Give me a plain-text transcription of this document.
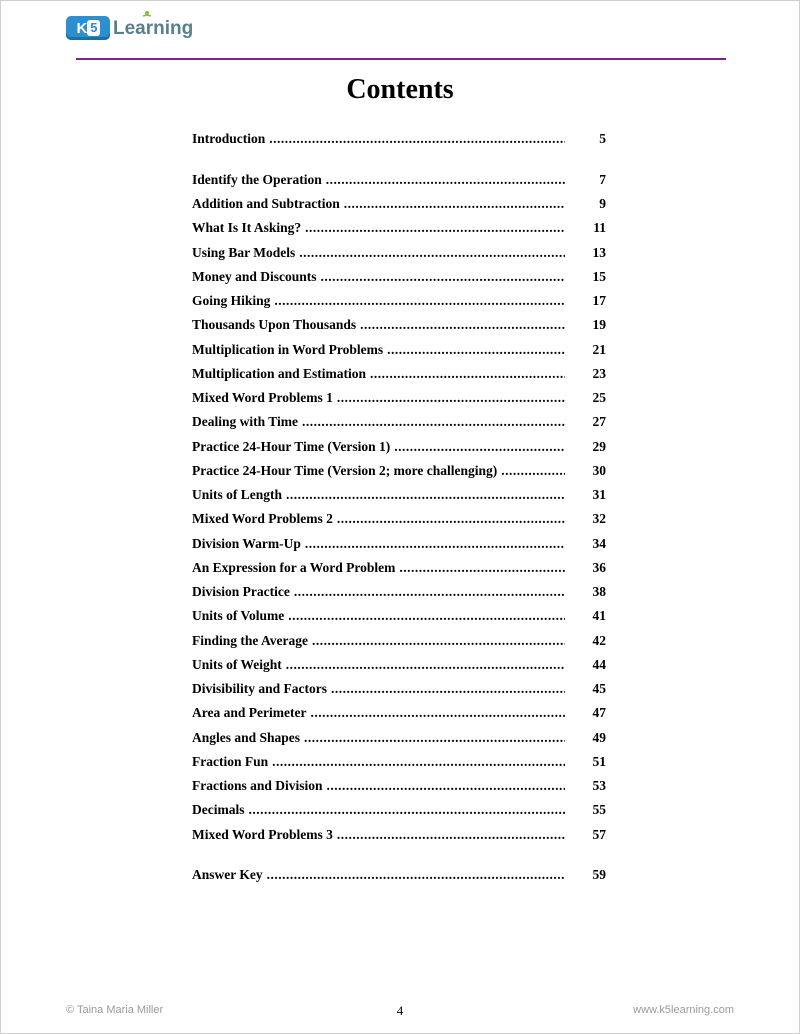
K 5 Learning
Contents
Introduction .....	5
Identify the Operation .....	7
Addition and Subtraction .....	9
What Is It Asking? .....	11
Using Bar Models .....	13
Money and Discounts .....	15
Going Hiking .....	17
Thousands Upon Thousands .....	19
Multiplication in Word Problems .....	21
Multiplication and Estimation .....	23
Mixed Word Problems 1 .....	25
Dealing with Time .....	27
Practice 24-Hour Time (Version 1) .....	29
Practice 24-Hour Time (Version 2; more challenging) .....	30
Units of Length .....	31
Mixed Word Problems 2 .....	32
Division Warm-Up .....	34
An Expression for a Word Problem .....	36
Division Practice .....	38
Units of Volume .....	41
Finding the Average .....	42
Units of Weight .....	44
Divisibility and Factors .....	45
Area and Perimeter .....	47
Angles and Shapes .....	49
Fraction Fun .....	51
Fractions and Division .....	53
Decimals .....	55
Mixed Word Problems 3 .....	57
Answer Key .....	59
© Taina Maria Miller	4	www.k5learning.com
